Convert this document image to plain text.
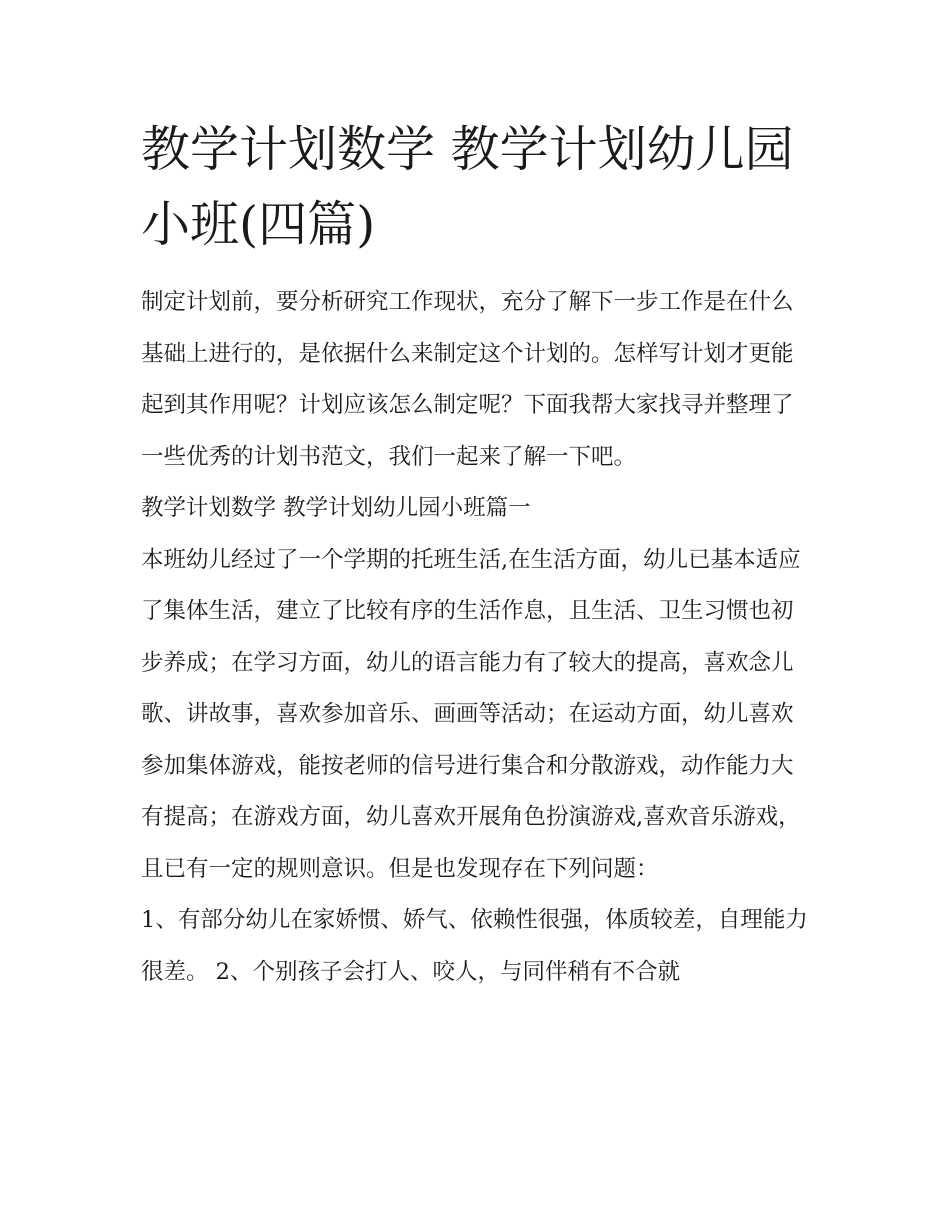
教学计划数学 教学计划幼儿园小班(四篇)

制定计划前，要分析研究工作现状，充分了解下一步工作是在什么基础上进行的，是依据什么来制定这个计划的。怎样写计划才更能起到其作用呢？计划应该怎么制定呢？下面我帮大家找寻并整理了一些优秀的计划书范文，我们一起来了解一下吧。

教学计划数学 教学计划幼儿园小班篇一

本班幼儿经过了一个学期的托班生活,在生活方面，幼儿已基本适应了集体生活，建立了比较有序的生活作息，且生活、卫生习惯也初步养成；在学习方面，幼儿的语言能力有了较大的提高，喜欢念儿歌、讲故事，喜欢参加音乐、画画等活动；在运动方面，幼儿喜欢参加集体游戏，能按老师的信号进行集合和分散游戏，动作能力大有提高；在游戏方面，幼儿喜欢开展角色扮演游戏,喜欢音乐游戏，且已有一定的规则意识。但是也发现存在下列问题：

1、有部分幼儿在家娇惯、娇气、依赖性很强，体质较差，自理能力很差。 2、个别孩子会打人、咬人，与同伴稍有不合就
